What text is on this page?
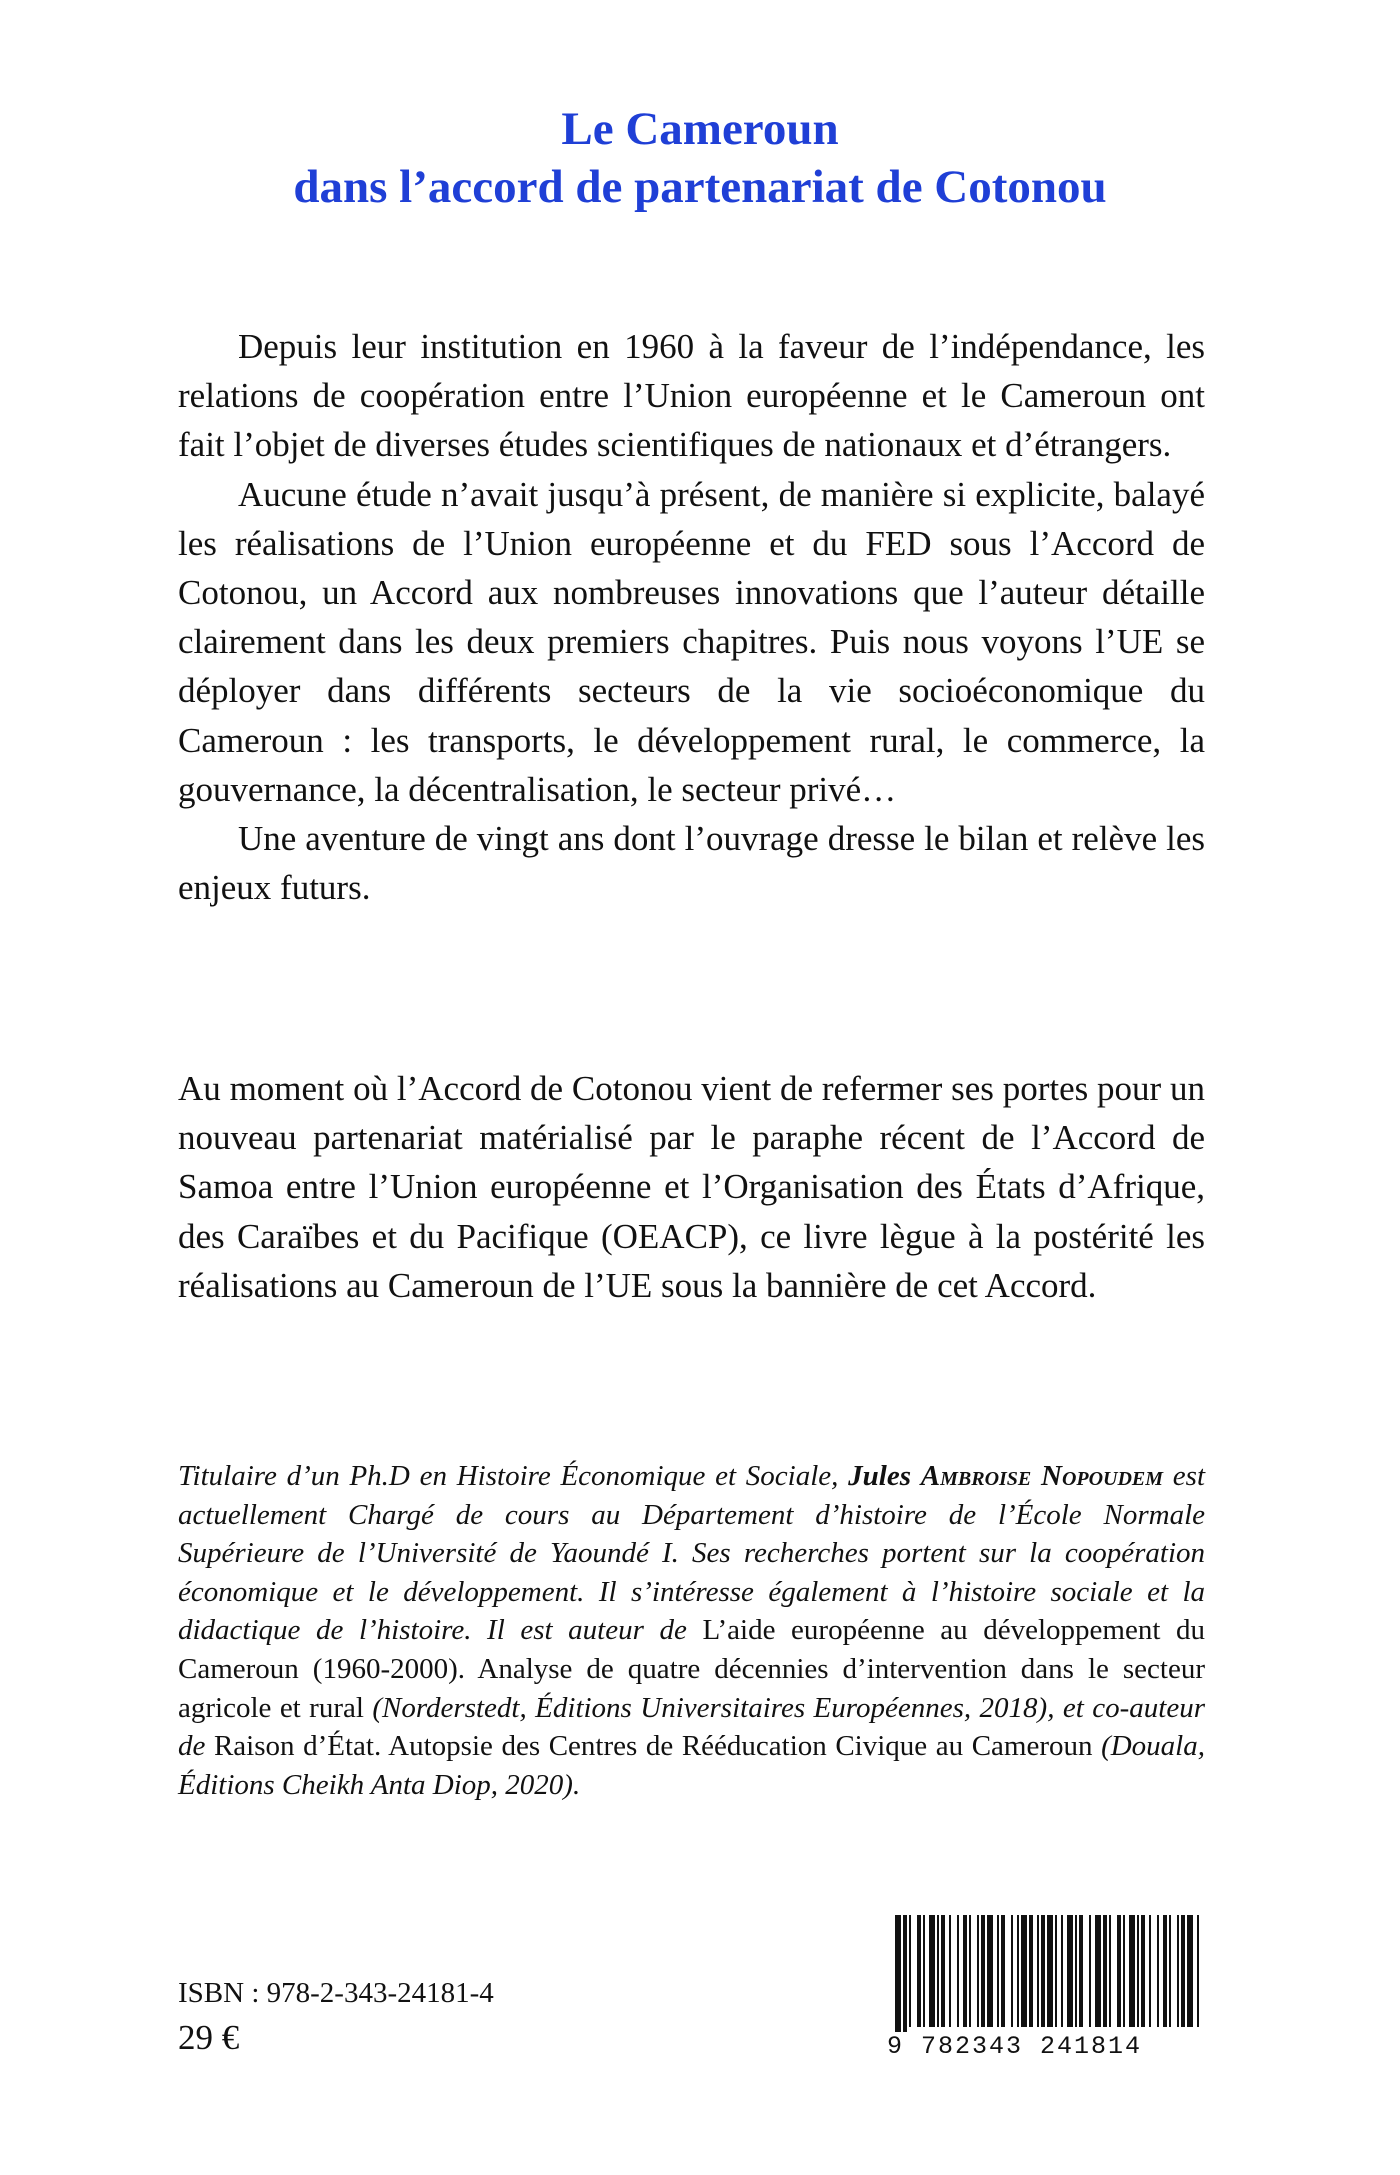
Le Cameroun
dans l’accord de partenariat de Cotonou

Depuis leur institution en 1960 à la faveur de l’indépendance, les relations de coopération entre l’Union européenne et le Cameroun ont fait l’objet de diverses études scientifiques de nationaux et d’étrangers.

Aucune étude n’avait jusqu’à présent, de manière si explicite, balayé les réalisations de l’Union européenne et du FED sous l’Accord de Cotonou, un Accord aux nombreuses innovations que l’auteur détaille clairement dans les deux premiers chapitres. Puis nous voyons l’UE se déployer dans différents secteurs de la vie socioéconomique du Cameroun : les transports, le développement rural, le commerce, la gouvernance, la décentralisation, le secteur privé…

Une aventure de vingt ans dont l’ouvrage dresse le bilan et relève les enjeux futurs.

Au moment où l’Accord de Cotonou vient de refermer ses portes pour un nouveau partenariat matérialisé par le paraphe récent de l’Accord de Samoa entre l’Union européenne et l’Organisation des États d’Afrique, des Caraïbes et du Pacifique (OEACP), ce livre lègue à la postérité les réalisations au Cameroun de l’UE sous la bannière de cet Accord.

Titulaire d’un Ph.D en Histoire Économique et Sociale, Jules Ambroise Nopoudem est actuellement Chargé de cours au Département d’histoire de l’École Normale Supérieure de l’Université de Yaoundé I. Ses recherches portent sur la coopération économique et le développement. Il s’intéresse également à l’histoire sociale et la didactique de l’histoire. Il est auteur de L’aide européenne au développement du Cameroun (1960-2000). Analyse de quatre décennies d’intervention dans le secteur agricole et rural (Norderstedt, Éditions Universitaires Européennes, 2018), et co-auteur de Raison d’État. Autopsie des Centres de Rééducation Civique au Cameroun (Douala, Éditions Cheikh Anta Diop, 2020).

ISBN : 978-2-343-24181-4
29 €	9 782343 241814
